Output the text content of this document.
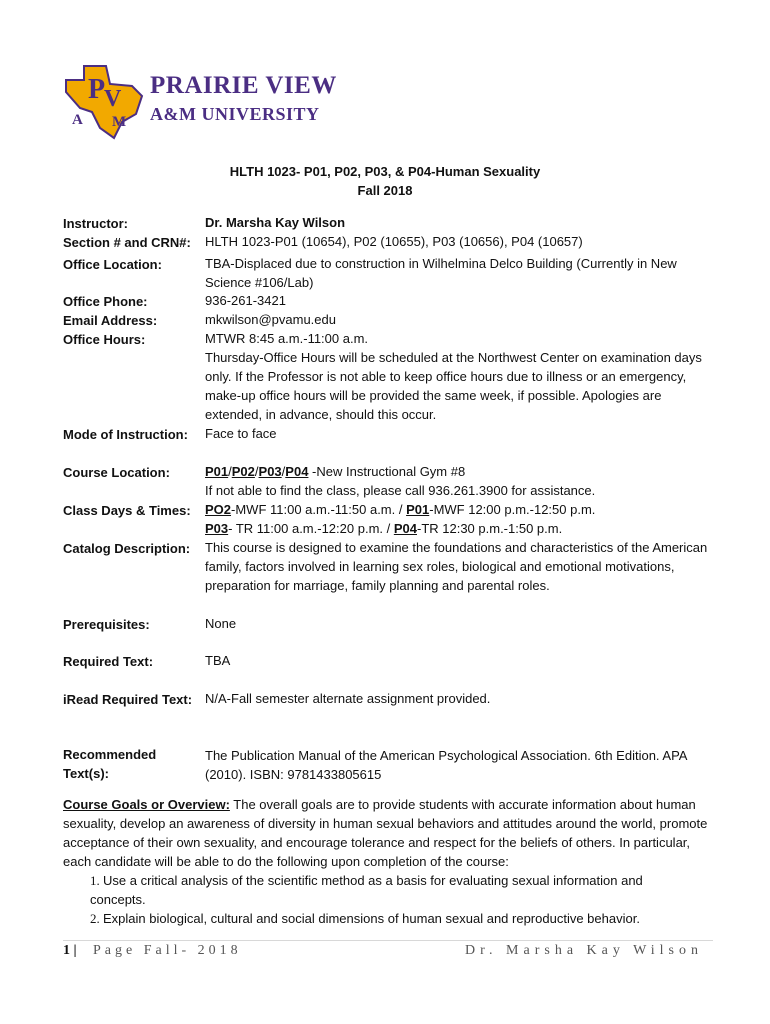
P
V
A M
PRAIRIE VIEW
A&M UNIVERSITY
HLTH 1023- P01, P02, P03, & P04-Human Sexuality
Fall 2018
Instructor:	Dr. Marsha Kay Wilson
Section # and CRN#: HLTH 1023-P01 (10654), P02 (10655), P03 (10656), P04 (10657)
Office Location:	TBA-Displaced due to construction in Wilhelmina Delco Building (Currently in New Science #106/Lab)
Office Phone:	936-261-3421
Email Address:	mkwilson@pvamu.edu
Office Hours:	MTWR 8:45 a.m.-11:00 a.m.
Thursday-Office Hours will be scheduled at the Northwest Center on examination days only. If the Professor is not able to keep office hours due to illness or an emergency, make-up office hours will be provided the same week, if possible. Apologies are extended, in advance, should this occur.
Mode of Instruction: Face to face
Course Location:	P01/P02/P03/P04 -New Instructional Gym #8
If not able to find the class, please call 936.261.3900 for assistance.
Class Days & Times: PO2-MWF 11:00 a.m.-11:50 a.m. / P01-MWF 12:00 p.m.-12:50 p.m.
P03- TR 11:00 a.m.-12:20 p.m. / P04-TR 12:30 p.m.-1:50 p.m.
Catalog Description: This course is designed to examine the foundations and characteristics of the American family, factors involved in learning sex roles, biological and emotional motivations, preparation for marriage, family planning and parental roles.
Prerequisites:	None
Required Text:	TBA
iRead Required Text: N/A-Fall semester alternate assignment provided.
Recommended
Text(s):
The Publication Manual of the American Psychological Association. 6th Edition. APA (2010). ISBN: 9781433805615
Course Goals or Overview: The overall goals are to provide students with accurate information about human sexuality, develop an awareness of diversity in human sexual behaviors and attitudes around the world, promote acceptance of their own sexuality, and encourage tolerance and respect for the beliefs of others. In particular, each candidate will be able to do the following upon completion of the course:
1. Use a critical analysis of the scientific method as a basis for evaluating sexual information and concepts.
2. Explain biological, cultural and social dimensions of human sexual and reproductive behavior.
1 | Page Fall- 2018	Dr. Marsha Kay Wilson
